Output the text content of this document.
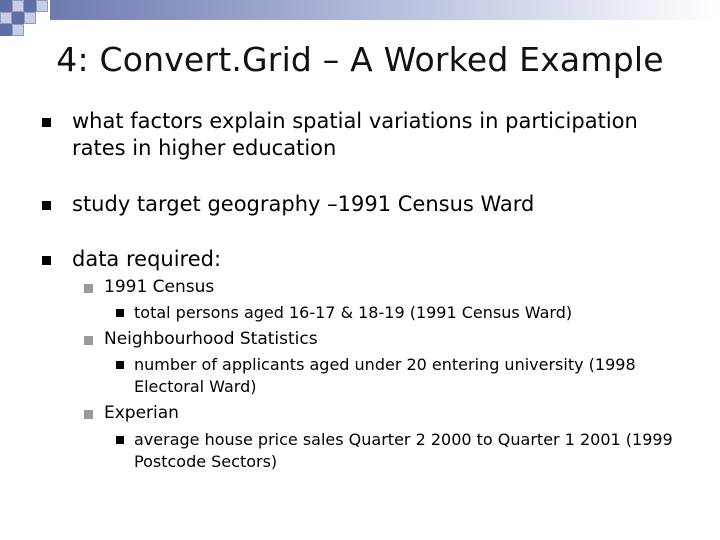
4: Convert.Grid – A Worked Example
what factors explain spatial variations in participation rates in higher education
study target geography –1991 Census Ward
data required:
1991 Census
total persons aged 16-17 & 18-19 (1991 Census Ward)
Neighbourhood Statistics
number of applicants aged under 20 entering university (1998 Electoral Ward)
Experian
average house price sales Quarter 2 2000 to Quarter 1 2001 (1999 Postcode Sectors)
